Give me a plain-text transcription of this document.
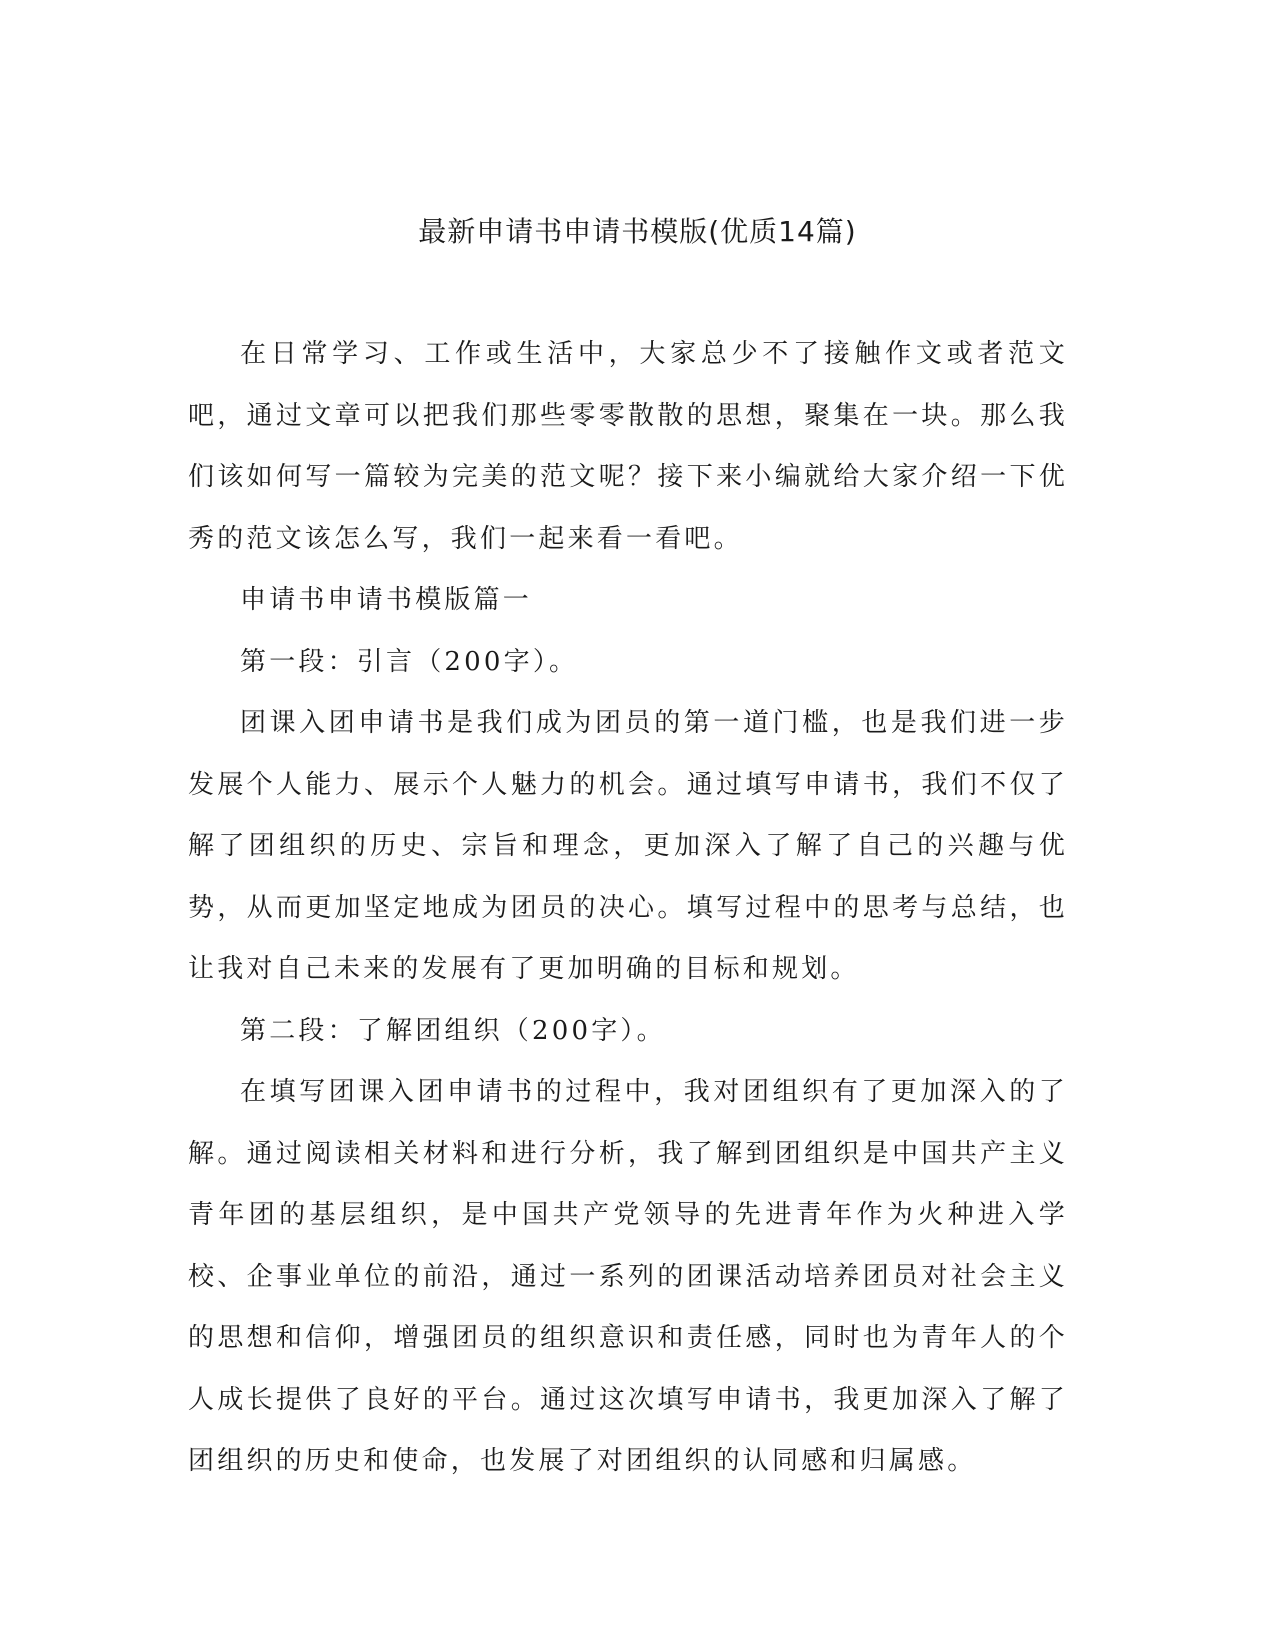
最新申请书申请书模版(优质14篇)

在日常学习、工作或生活中，大家总少不了接触作文或者范文吧，通过文章可以把我们那些零零散散的思想，聚集在一块。那么我们该如何写一篇较为完美的范文呢？接下来小编就给大家介绍一下优秀的范文该怎么写，我们一起来看一看吧。

申请书申请书模版篇一

第一段：引言（200字）。

团课入团申请书是我们成为团员的第一道门槛，也是我们进一步发展个人能力、展示个人魅力的机会。通过填写申请书，我们不仅了解了团组织的历史、宗旨和理念，更加深入了解了自己的兴趣与优势，从而更加坚定地成为团员的决心。填写过程中的思考与总结，也让我对自己未来的发展有了更加明确的目标和规划。

第二段：了解团组织（200字）。

在填写团课入团申请书的过程中，我对团组织有了更加深入的了解。通过阅读相关材料和进行分析，我了解到团组织是中国共产主义青年团的基层组织，是中国共产党领导的先进青年作为火种进入学校、企事业单位的前沿，通过一系列的团课活动培养团员对社会主义的思想和信仰，增强团员的组织意识和责任感，同时也为青年人的个人成长提供了良好的平台。通过这次填写申请书，我更加深入了解了团组织的历史和使命，也发展了对团组织的认同感和归属感。
